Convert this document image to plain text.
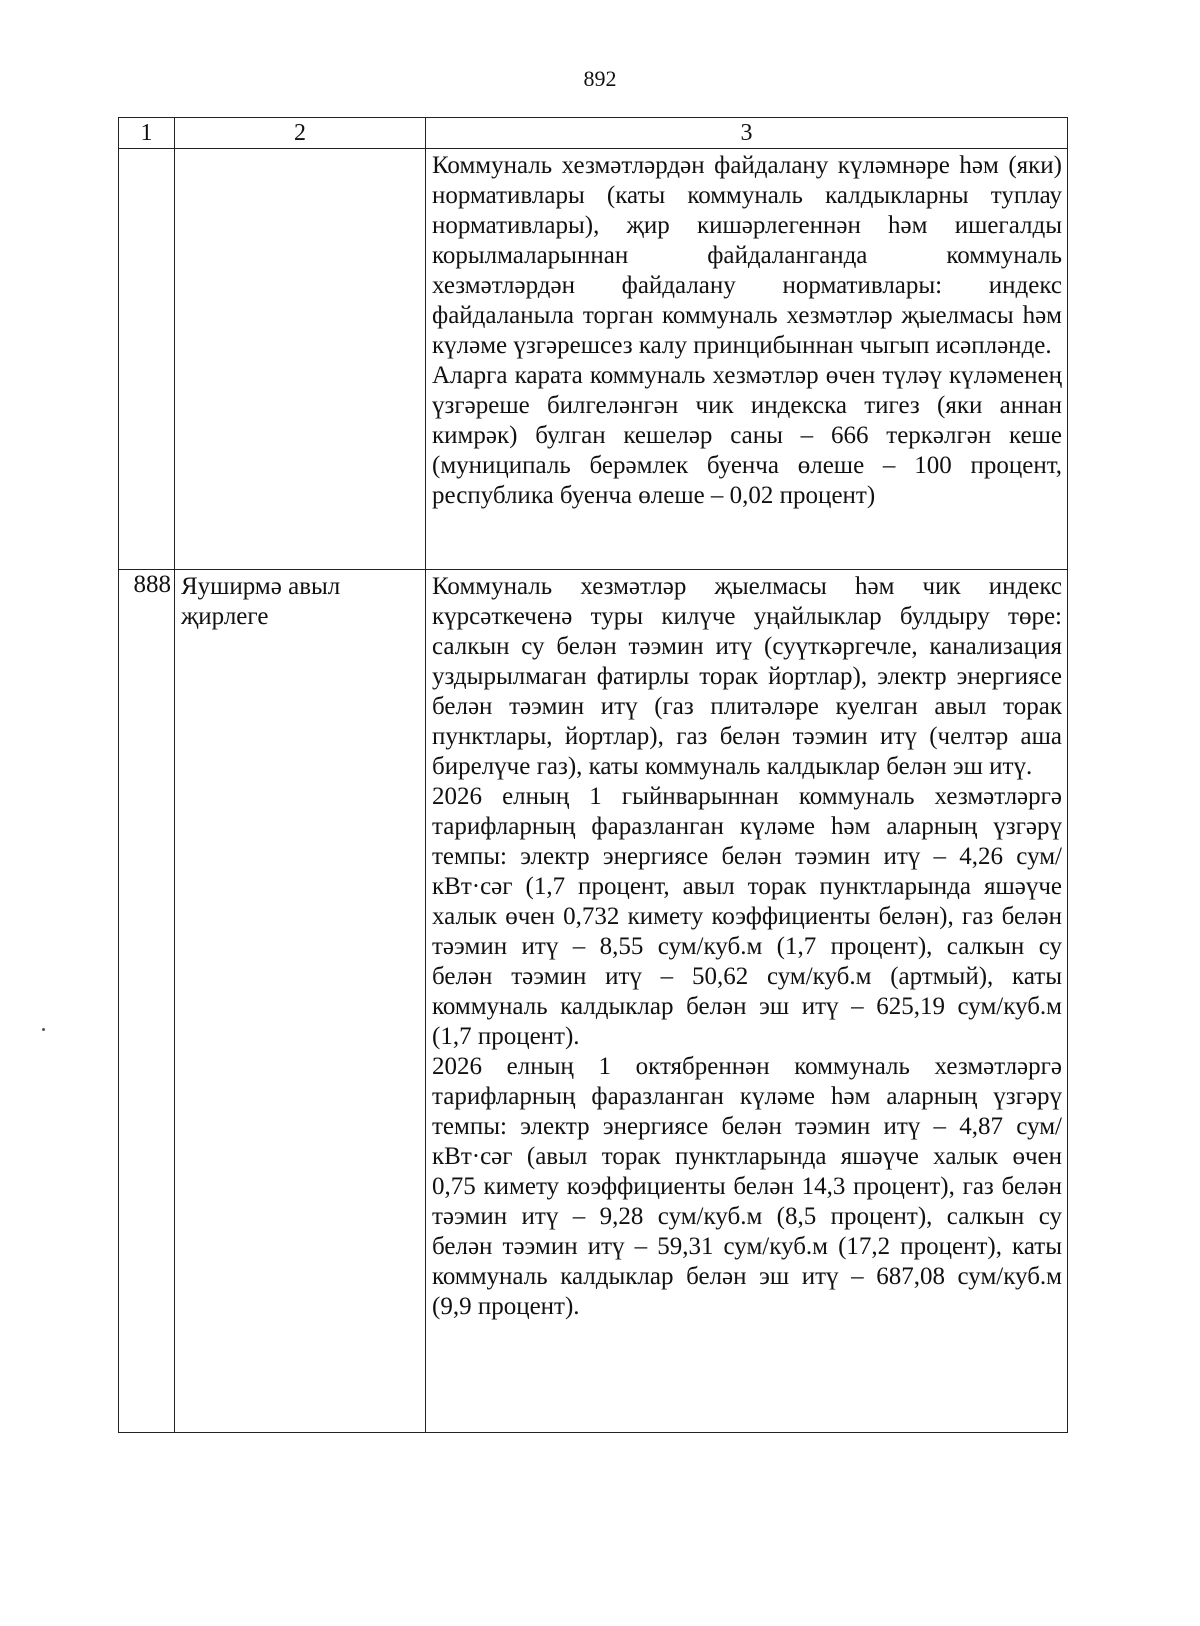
892
1	2	3

		Коммуналь хезмәтләрдән файдалану күләмнәре һәм (яки) нормативлары (каты коммуналь калдыкларны туплау нормативлары), җир кишәрлегеннән һәм ишегалды корылмаларыннан файдаланганда коммуналь хезмәтләрдән файдалану нормативлары: индекс файдаланыла торган коммуналь хезмәтләр җыелмасы һәм күләме үзгәрешсез калу принцибыннан чыгып исәпләнде.

Аларга карата коммуналь хезмәтләр өчен түләү күләменең үзгәреше билгеләнгән чик индекска тигез (яки аннан кимрәк) булган кешеләр саны – 666 теркәлгән кеше (муниципаль берәмлек буенча өлеше – 100 процент, республика буенча өлеше – 0,02 процент)

888	Яуширмә авыл җирлеге	Коммуналь хезмәтләр җыелмасы һәм чик индекс күрсәткеченә туры килүче уңайлыклар булдыру төре: салкын су белән тәэмин итү (суүткәргечле, канализация уздырылмаган фатирлы торак йортлар), электр энергиясе белән тәэмин итү (газ плитәләре куелган авыл торак пунктлары, йортлар), газ белән тәэмин итү (челтәр аша бирелүче газ), каты коммуналь калдыклар белән эш итү.

2026 елның 1 гыйнварыннан коммуналь хезмәтләргә тарифларның фаразланган күләме һәм аларның үзгәрү темпы: электр энергиясе белән тәэмин итү – 4,26 сум/кВт·сәг (1,7 процент, авыл торак пунктларында яшәүче халык өчен 0,732 кимету коэффициенты белән), газ белән тәэмин итү – 8,55 сум/куб.м (1,7 процент), салкын су белән тәэмин итү – 50,62 сум/куб.м (артмый), каты коммуналь калдыклар белән эш итү – 625,19 сум/куб.м (1,7 процент).

2026 елның 1 октябреннән коммуналь хезмәтләргә тарифларның фаразланган күләме һәм аларның үзгәрү темпы: электр энергиясе белән тәэмин итү – 4,87 сум/кВт·сәг (авыл торак пунктларында яшәүче халык өчен 0,75 кимету коэффициенты белән 14,3 процент), газ белән тәэмин итү – 9,28 сум/куб.м (8,5 процент), салкын су белән тәэмин итү – 59,31 сум/куб.м (17,2 процент), каты коммуналь калдыклар белән эш итү – 687,08 сум/куб.м (9,9 процент).
